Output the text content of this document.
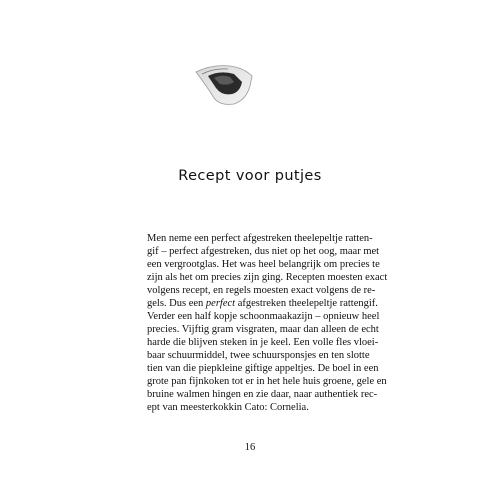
Recept voor putjes
Men neme een perfect afgestreken theelepeltje ratten-
gif – perfect afgestreken, dus niet op het oog, maar met
een vergrootglas. Het was heel belangrijk om precies te
zijn als het om precies zijn ging. Recepten moesten exact
volgens recept, en regels moesten exact volgens de re-
gels. Dus een perfect afgestreken theelepeltje rattengif.
Verder een half kopje schoonmaakazijn – opnieuw heel
precies. Vijftig gram visgraten, maar dan alleen de echt
harde die blijven steken in je keel. Een volle fles vloei-
baar schuurmiddel, twee schuursponsjes en ten slotte
tien van die piepkleine giftige appeltjes. De boel in een
grote pan fijnkoken tot er in het hele huis groene, gele en
bruine walmen hingen en zie daar, naar authentiek rec-
ept van meesterkokkin Cato: Cornelia.
16
